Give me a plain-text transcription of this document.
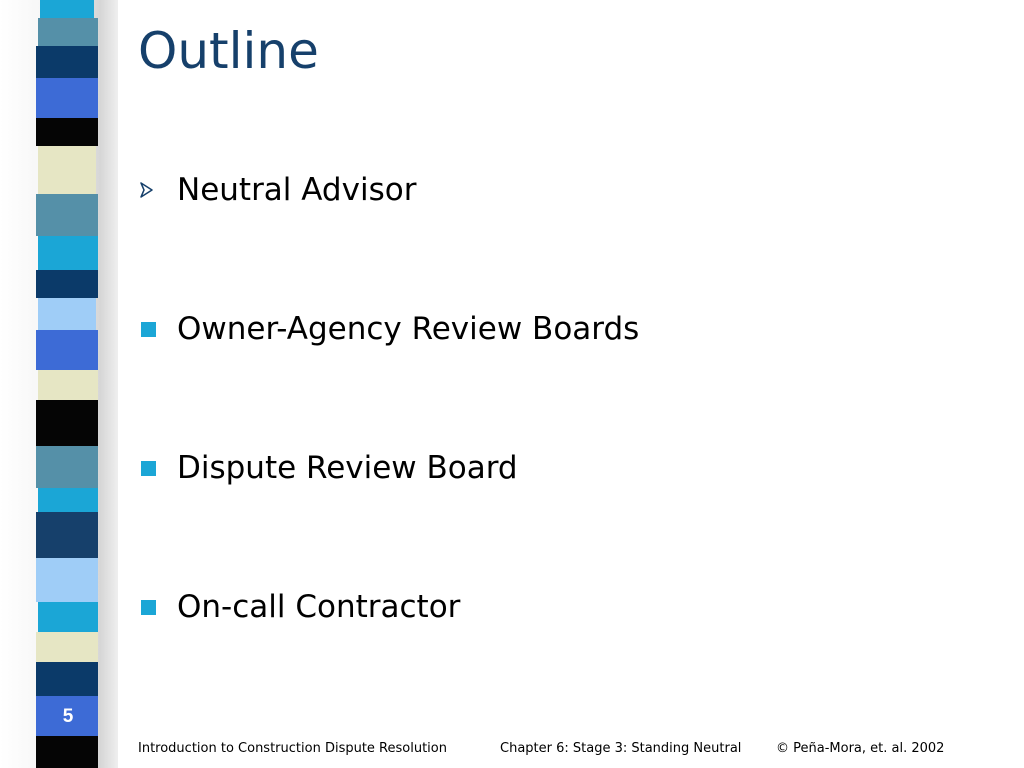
5
Outline
Neutral Advisor
Owner-Agency Review Boards
Dispute Review Board
On-call Contractor
Introduction to Construction Dispute Resolution	Chapter 6: Stage 3: Standing Neutral	© Peña-Mora, et. al. 2002
